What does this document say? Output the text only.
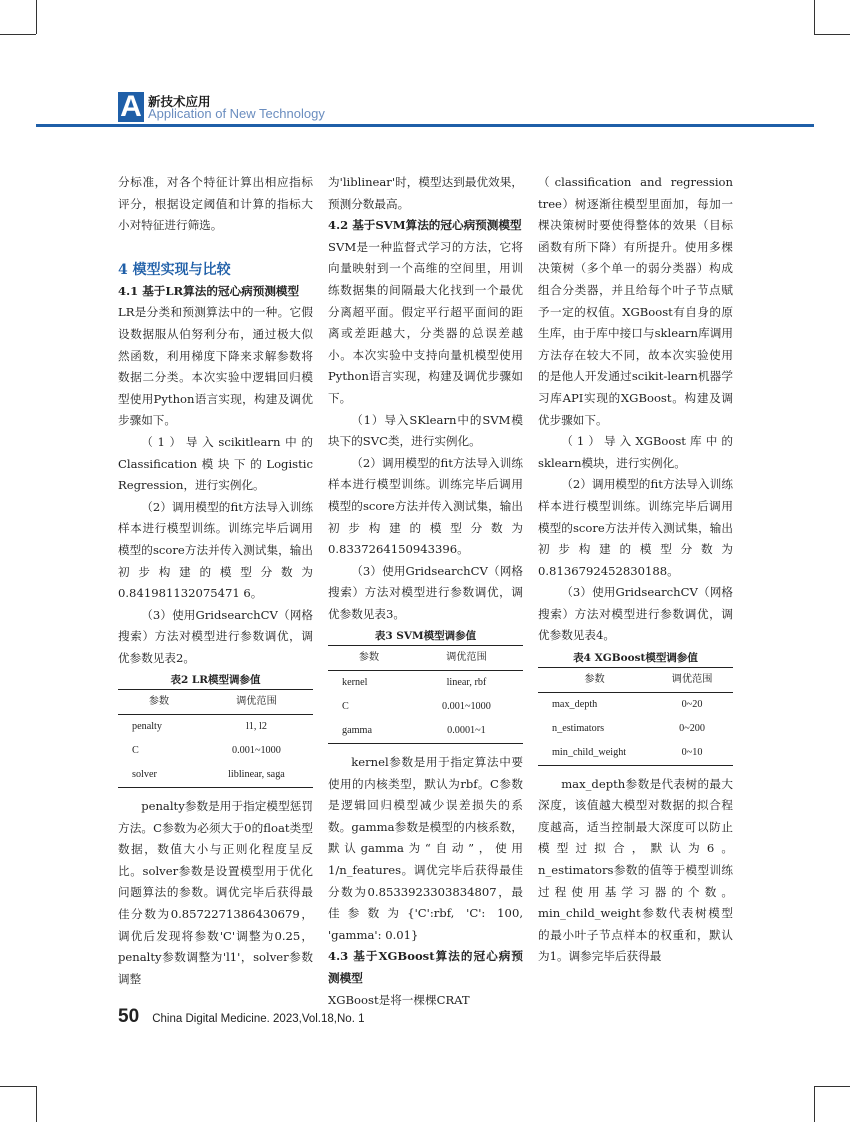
A 新技术应用
Application of New Technology

分标准，对各个特征计算出相应指标评分，根据设定阈值和计算的指标大小对特征进行筛选。

4 模型实现与比较

4.1 基于LR算法的冠心病预测模型

LR是分类和预测算法中的一种。它假设数据服从伯努利分布，通过极大似然函数，利用梯度下降来求解参数将数据二分类。本次实验中逻辑回归模型使用Python语言实现，构建及调优步骤如下。

（1）导入scikitlearn中的Classification模块下的Logistic Regression，进行实例化。

（2）调用模型的fit方法导入训练样本进行模型训练。训练完毕后调用模型的score方法并传入测试集，输出初步构建的模型分数为0.841981132075471 6。

（3）使用GridsearchCV（网格搜索）方法对模型进行参数调优，调优参数见表2。

表2 LR模型调参值
参数	调优范围
penalty	l1, l2
C	0.001~1000
solver	liblinear, saga

penalty参数是用于指定模型惩罚方法。C参数为必须大于0的float类型数据，数值大小与正则化程度呈反比。solver参数是设置模型用于优化问题算法的参数。调优完毕后获得最佳分数为0.8572271386430679，调优后发现将参数'C'调整为0.25，penalty参数调整为'l1'，solver参数调整

为'liblinear'时，模型达到最优效果，预测分数最高。

4.2 基于SVM算法的冠心病预测模型

SVM是一种监督式学习的方法，它将向量映射到一个高维的空间里，用训练数据集的间隔最大化找到一个最优分离超平面。假定平行超平面间的距离或差距越大，分类器的总误差越小。本次实验中支持向量机模型使用Python语言实现，构建及调优步骤如下。

（1）导入SKlearn中的SVM模块下的SVC类，进行实例化。

（2）调用模型的fit方法导入训练样本进行模型训练。训练完毕后调用模型的score方法并传入测试集，输出初步构建的模型分数为0.8337264150943396。

（3）使用GridsearchCV（网格搜索）方法对模型进行参数调优，调优参数见表3。

表3 SVM模型调参值
参数	调优范围
kernel	linear, rbf
C	0.001~1000
gamma	0.0001~1

kernel参数是用于指定算法中要使用的内核类型，默认为rbf。C参数是逻辑回归模型减少误差损失的系数。gamma参数是模型的内核系数，默认gamma为“自动”，使用1/n_features。调优完毕后获得最佳分数为0.8533923303834807，最佳参数为{'C':rbf, 'C': 100, 'gamma': 0.01}

4.3 基于XGBoost算法的冠心病预测模型

XGBoost是将一棵棵CRAT

（classification and regression tree）树逐渐往模型里面加，每加一棵决策树时要使得整体的效果（目标函数有所下降）有所提升。使用多棵决策树（多个单一的弱分类器）构成组合分类器，并且给每个叶子节点赋予一定的权值。XGBoost有自身的原生库，由于库中接口与sklearn库调用方法存在较大不同，故本次实验使用的是他人开发通过scikit-learn机器学习库API实现的XGBoost。构建及调优步骤如下。

（1）导入XGBoost库中的sklearn模块，进行实例化。

（2）调用模型的fit方法导入训练样本进行模型训练。训练完毕后调用模型的score方法并传入测试集，输出初步构建的模型分数为0.8136792452830188。

（3）使用GridsearchCV（网格搜索）方法对模型进行参数调优，调优参数见表4。

表4 XGBoost模型调参值
参数	调优范围
max_depth	0~20
n_estimators	0~200
min_child_weight	0~10

max_depth参数是代表树的最大深度，该值越大模型对数据的拟合程度越高，适当控制最大深度可以防止模型过拟合，默认为6。n_estimators参数的值等于模型训练过程使用基学习器的个数。min_child_weight参数代表树模型的最小叶子节点样本的权重和，默认为1。调参完毕后获得最

50 China Digital Medicine. 2023,Vol.18,No. 1
